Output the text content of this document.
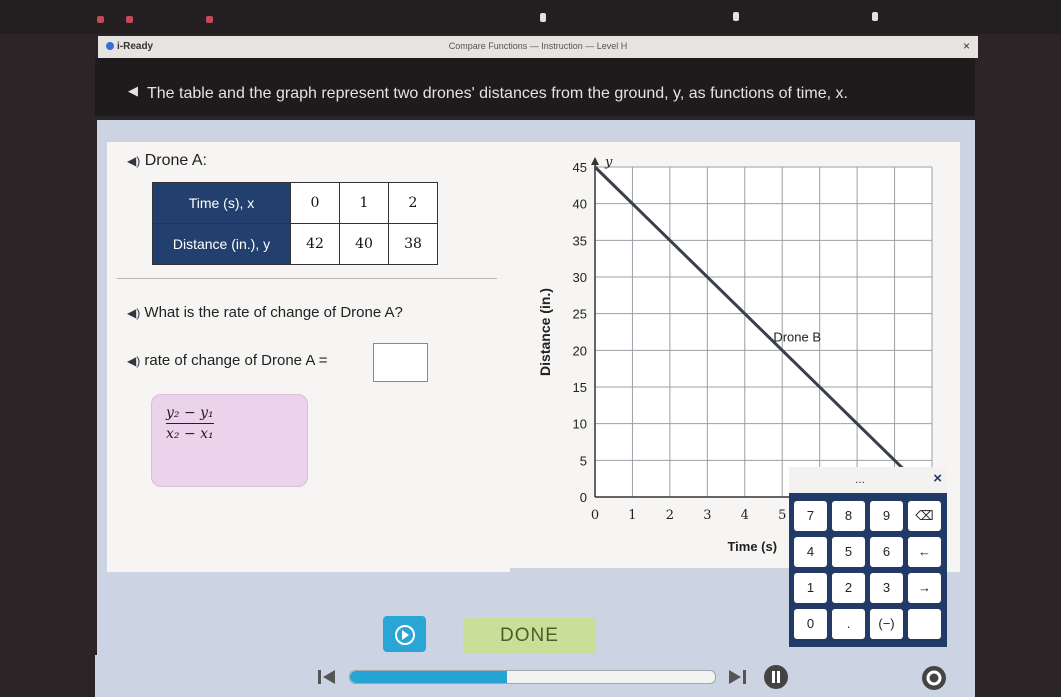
i-Ready	Compare Functions — Instruction — Level H	×
◀ The table and the graph represent two drones' distances from the ground, y, as functions of time, x.
◀) Drone A:
Time (s), x	0	1	2
Distance (in.), y	42	40	38
◀) What is the rate of change of Drone A?
◀) rate of change of Drone A =
y₂ − y₁
x₂ − x₁
y
0
5
10
15
20
25
30
35
40
45
0 1 2 3 4 5
Time (s)
Distance (in.)	Drone B
...	×
7	8	9	⌫
4	5	6	←
1	2	3	→
0	.	(−)
DONE
